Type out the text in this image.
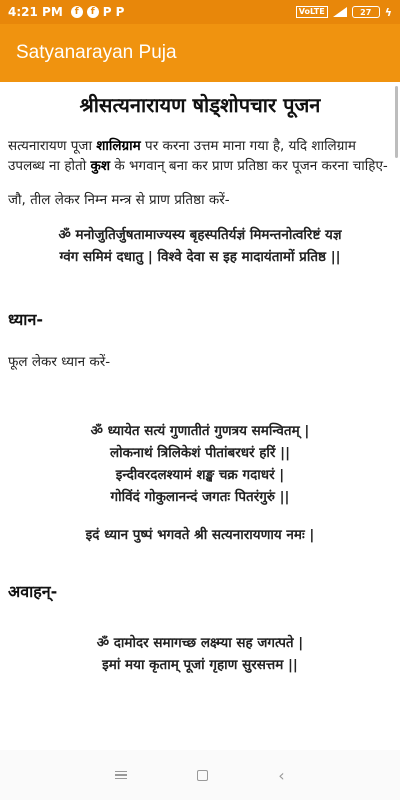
4:21 PM	f	f P P	VoLTE	27	ϟ
Satyanarayan Puja
श्रीसत्यनारायण षोड्शोपचार पूजन

सत्यनारायण पूजा शालिग्राम पर करना उत्तम माना गया है, यदि शालिग्राम उपलब्ध ना होतो कुश के भगवान् बना कर प्राण प्रतिष्ठा कर पूजन करना चाहिए-

जौ, तील लेकर निम्न मन्त्र से प्राण प्रतिष्ठा करें-

ॐ मनोजुतिर्जुषतामाज्यस्य बृहस्पतिर्यज्ञं मिमन्तनोत्वरिष्टं यज्ञ

ग्वंग समिमं दधातु | विश्वे देवा स इह मादायंतामों प्रतिष्ठ ||

ध्यान-

फूल लेकर ध्यान करें-

ॐ ध्यायेत सत्यं गुणातीतं गुणत्रय समन्वितम् |

लोकनाथं त्रिलिकेशं पीतांबरधरं हरिं ||

इन्दीवरदलश्यामं शङ्ख चक्र गदाधरं |

गोविंदं गोकुलानन्दं जगतः पितरंगुरुं ||

इदं ध्यान पुष्पं भगवते श्री सत्यनारायणाय नमः |

अवाहन्-

ॐ दामोदर समागच्छ लक्ष्म्या सह जगत्पते |

इमां मया कृताम् पूजां गृहाण सुरसत्तम ||

‹
